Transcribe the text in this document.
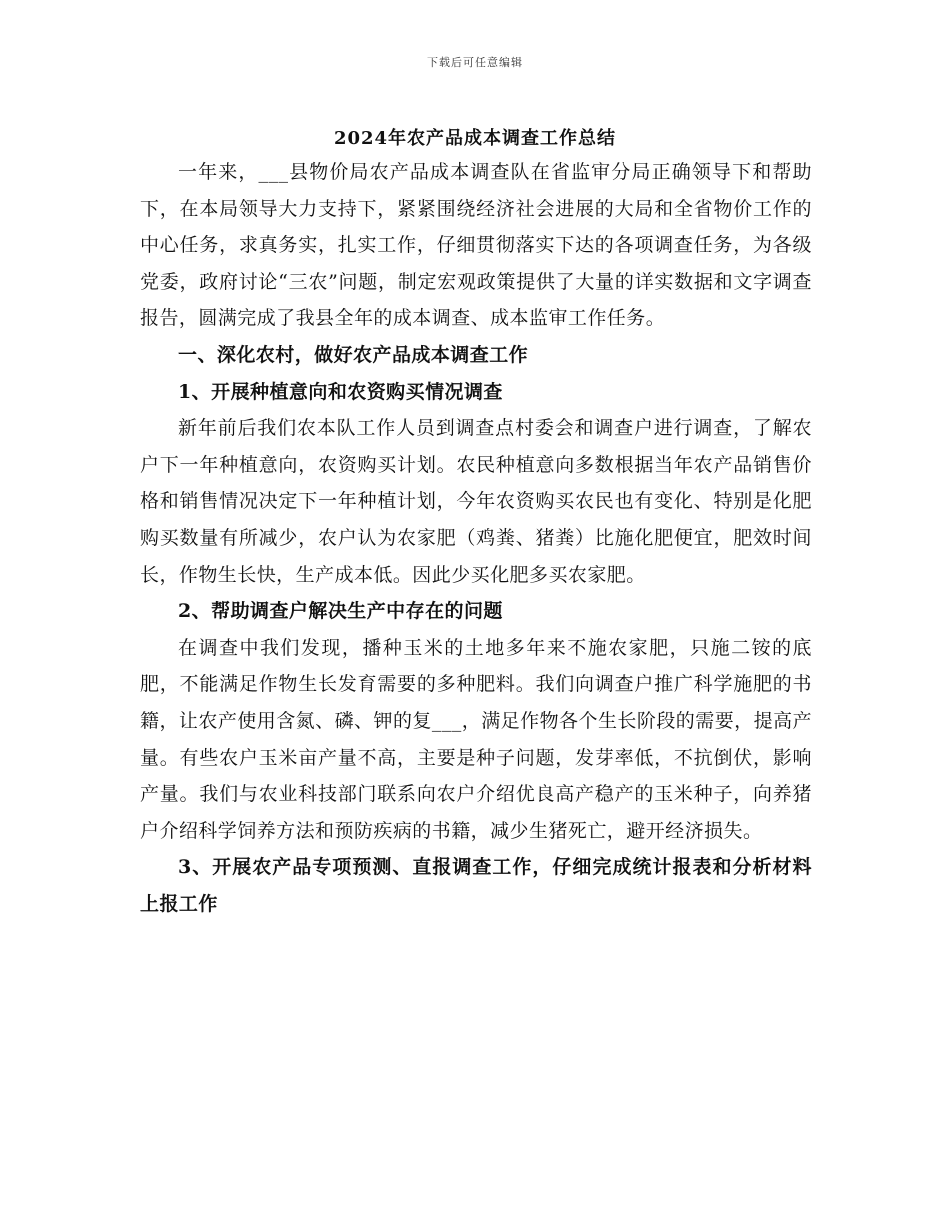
下载后可任意编辑
2024年农产品成本调查工作总结

一年来，___县物价局农产品成本调查队在省监审分局正确领导下和帮助下，在本局领导大力支持下，紧紧围绕经济社会进展的大局和全省物价工作的中心任务，求真务实，扎实工作，仔细贯彻落实下达的各项调查任务，为各级党委，政府讨论“三农”问题，制定宏观政策提供了大量的详实数据和文字调查报告，圆满完成了我县全年的成本调查、成本监审工作任务。

一、深化农村，做好农产品成本调查工作
1、开展种植意向和农资购买情况调查

新年前后我们农本队工作人员到调查点村委会和调查户进行调查，了解农户下一年种植意向，农资购买计划。农民种植意向多数根据当年农产品销售价格和销售情况决定下一年种植计划，今年农资购买农民也有变化、特别是化肥购买数量有所减少，农户认为农家肥（鸡粪、猪粪）比施化肥便宜，肥效时间长，作物生长快，生产成本低。因此少买化肥多买农家肥。

2、帮助调查户解决生产中存在的问题

在调查中我们发现，播种玉米的土地多年来不施农家肥，只施二铵的底肥，不能满足作物生长发育需要的多种肥料。我们向调查户推广科学施肥的书籍，让农产使用含氮、磷、钾的复___，满足作物各个生长阶段的需要，提高产量。有些农户玉米亩产量不高，主要是种子问题，发芽率低，不抗倒伏，影响产量。我们与农业科技部门联系向农户介绍优良高产稳产的玉米种子，向养猪户介绍科学饲养方法和预防疾病的书籍，减少生猪死亡，避开经济损失。

3、开展农产品专项预测、直报调查工作，仔细完成统计报表和分析材料上报工作
